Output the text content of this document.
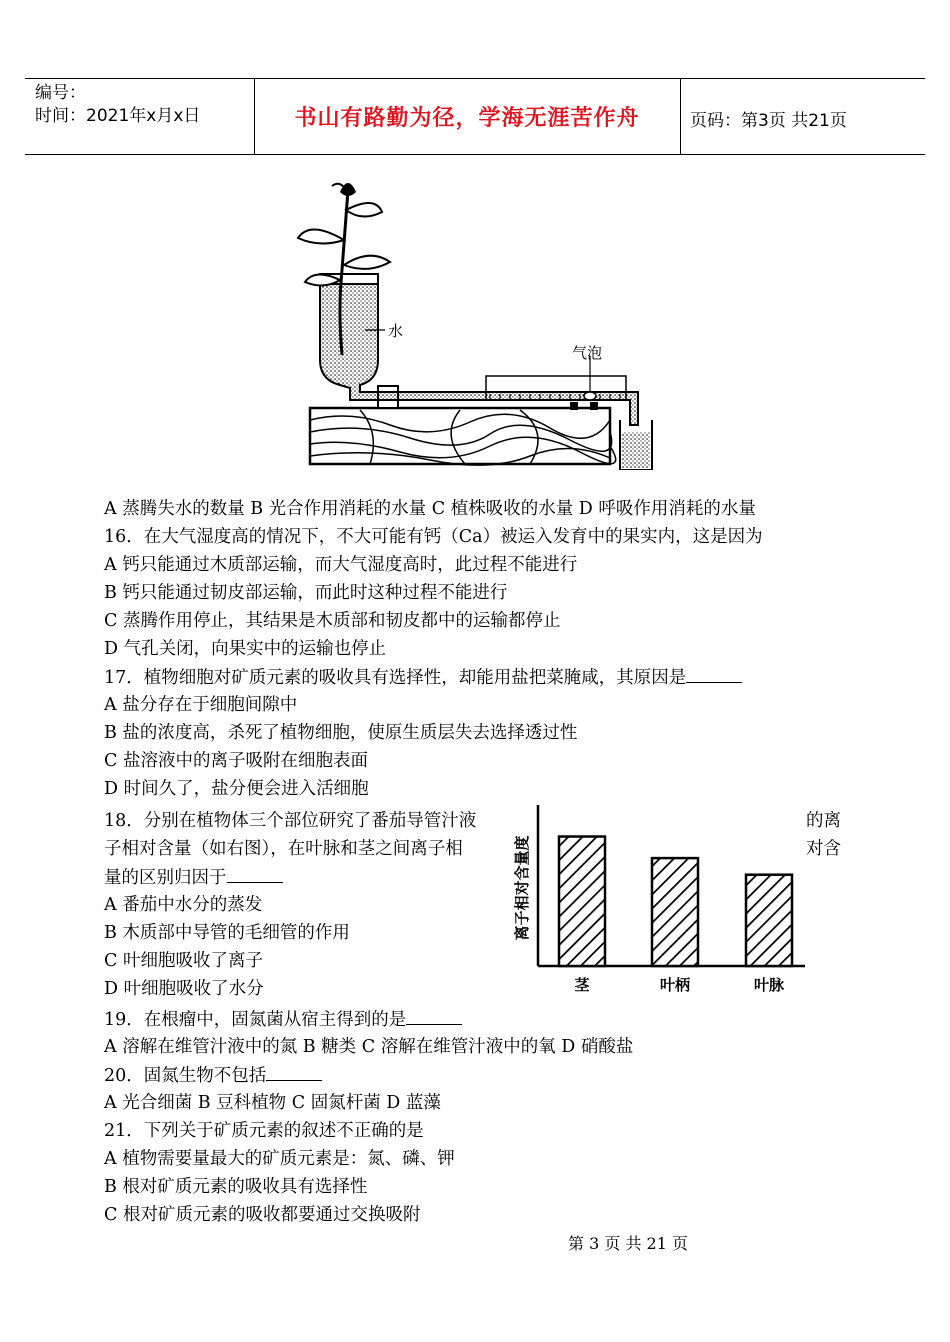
编号：
时间：2021年x月x日	书山有路勤为径，学海无涯苦作舟	页码：第3页 共21页
水
气泡
A 蒸腾失水的数量 B 光合作用消耗的水量 C 植株吸收的水量 D 呼吸作用消耗的水量
16．在大气湿度高的情况下，不大可能有钙（Ca）被运入发育中的果实内，这是因为
A 钙只能通过木质部运输，而大气湿度高时，此过程不能进行
B 钙只能通过韧皮部运输，而此时这种过程不能进行
C 蒸腾作用停止，其结果是木质部和韧皮都中的运输都停止
D 气孔关闭，向果实中的运输也停止
17．植物细胞对矿质元素的吸收具有选择性，却能用盐把菜腌咸，其原因是
A 盐分存在于细胞间隙中
B 盐的浓度高，杀死了植物细胞，使原生质层失去选择透过性
C 盐溶液中的离子吸附在细胞表面
D 时间久了，盐分便会进入活细胞
18．分别在植物体三个部位研究了番茄导管汁液
子相对含量（如右图），在叶脉和茎之间离子相
量的区别归因于
的离
对含
A 番茄中水分的蒸发
B 木质部中导管的毛细管的作用
C 叶细胞吸收了离子
D 叶细胞吸收了水分
19．在根瘤中，固氮菌从宿主得到的是
A 溶解在维管汁液中的氮 B 糖类 C 溶解在维管汁液中的氧 D 硝酸盐
20．固氮生物不包括
A 光合细菌 B 豆科植物 C 固氮杆菌 D 蓝藻
21．下列关于矿质元素的叙述不正确的是
A 植物需要量最大的矿质元素是：氮、磷、钾
B 根对矿质元素的吸收具有选择性
C 根对矿质元素的吸收都要通过交换吸附
离子相对含量度
茎	叶柄	叶脉
第 3 页 共 21 页
